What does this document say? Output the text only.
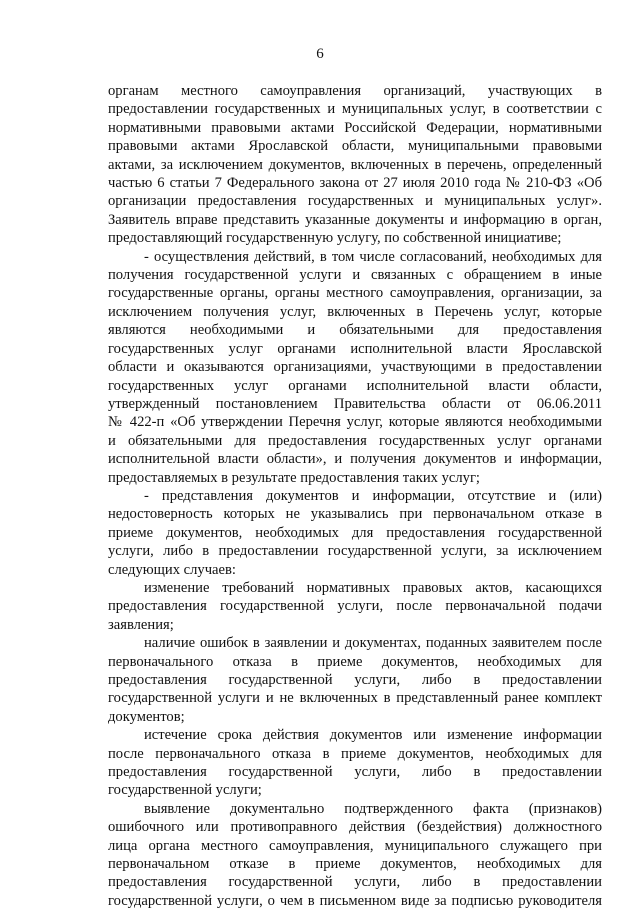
6

органам местного самоуправления организаций, участвующих в

предоставлении государственных и муниципальных услуг, в соответствии с

нормативными правовыми актами Российской Федерации, нормативными

правовыми актами Ярославской области, муниципальными правовыми

актами, за исключением документов, включенных в перечень, определенный

частью 6 статьи 7 Федерального закона от 27 июля 2010 года № 210-ФЗ «Об

организации предоставления государственных и муниципальных услуг».

Заявитель вправе представить указанные документы и информацию в орган,

предоставляющий государственную услугу, по собственной инициативе;

- осуществления действий, в том числе согласований, необходимых для

получения государственной услуги и связанных с обращением в иные

государственные органы, органы местного самоуправления, организации, за

исключением получения услуг, включенных в Перечень услуг, которые

являются необходимыми и обязательными для предоставления

государственных услуг органами исполнительной власти Ярославской

области и оказываются организациями, участвующими в предоставлении

государственных услуг органами исполнительной власти области,

утвержденный постановлением Правительства области от 06.06.2011

№ 422-п «Об утверждении Перечня услуг, которые являются необходимыми

и обязательными для предоставления государственных услуг органами

исполнительной власти области», и получения документов и информации,

предоставляемых в результате предоставления таких услуг;

- представления документов и информации, отсутствие и (или)

недостоверность которых не указывались при первоначальном отказе в

приеме документов, необходимых для предоставления государственной

услуги, либо в предоставлении государственной услуги, за исключением

следующих случаев:

изменение требований нормативных правовых актов, касающихся

предоставления государственной услуги, после первоначальной подачи

заявления;

наличие ошибок в заявлении и документах, поданных заявителем после

первоначального отказа в приеме документов, необходимых для

предоставления государственной услуги, либо в предоставлении

государственной услуги и не включенных в представленный ранее комплект

документов;

истечение срока действия документов или изменение информации

после первоначального отказа в приеме документов, необходимых для

предоставления государственной услуги, либо в предоставлении

государственной услуги;

выявление документально подтвержденного факта (признаков)

ошибочного или противоправного действия (бездействия) должностного

лица органа местного самоуправления, муниципального служащего при

первоначальном отказе в приеме документов, необходимых для

предоставления государственной услуги, либо в предоставлении

государственной услуги, о чем в письменном виде за подписью руководителя
